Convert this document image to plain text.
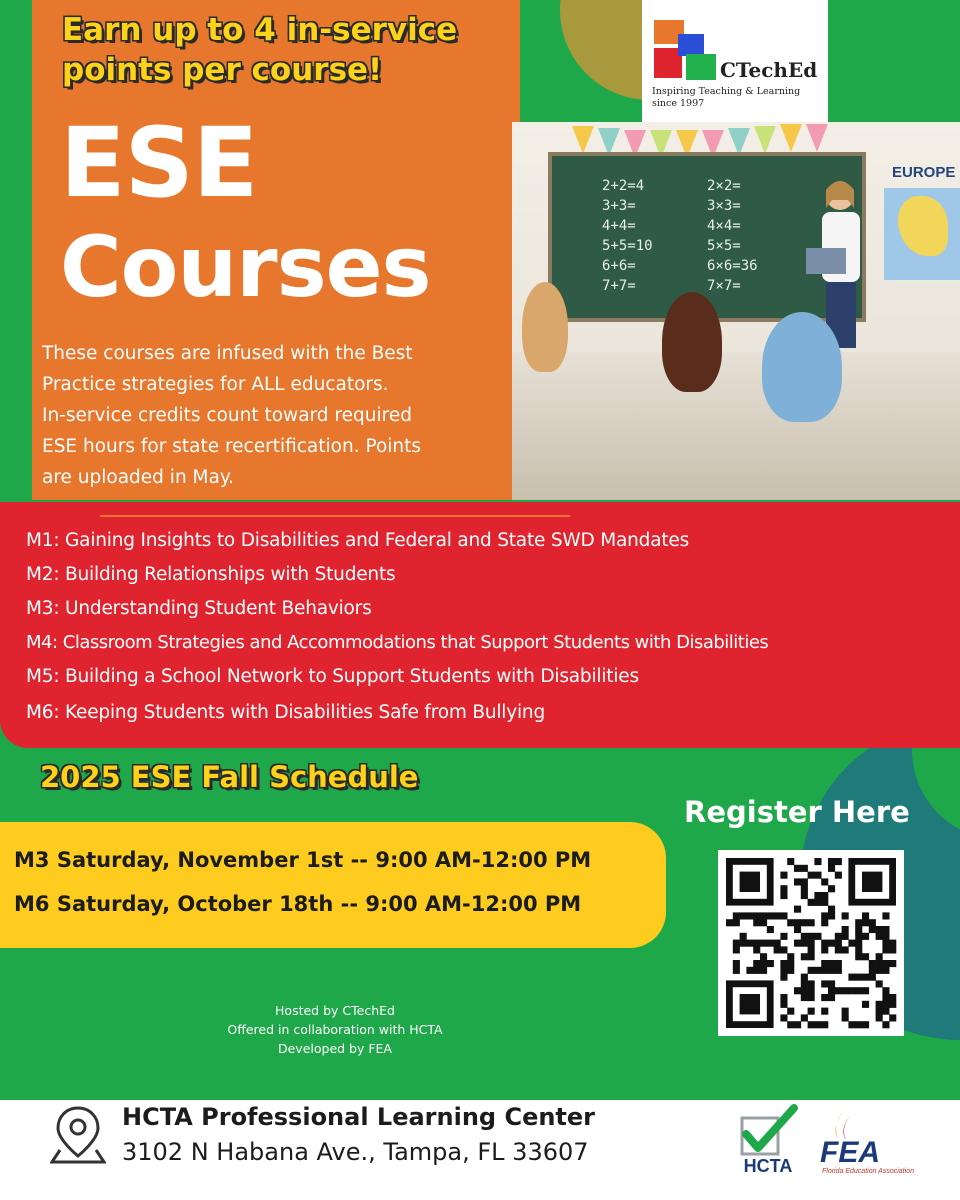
Earn up to 4 in-service
points per course!
ESE
Courses

These courses are infused with the Best
Practice strategies for ALL educators.
In-service credits count toward required
ESE hours for state recertification. Points
are uploaded in May.

2+2=4
3+3=
4+4=
5+5=10
6+6=
7+7=
2×2=
3×3=
4×4=
5×5=
6×6=36
7×7=
EUROPE
CTechEd
Inspiring Teaching & Learning
since 1997

M1: Gaining Insights to Disabilities and Federal and State SWD Mandates

M2: Building Relationships with Students

M3: Understanding Student Behaviors

M4: Classroom Strategies and Accommodations that Support Students with Disabilities

M5: Building a School Network to Support Students with Disabilities

M6: Keeping Students with Disabilities Safe from Bullying

2025 ESE Fall Schedule

M3 Saturday, November 1st -- 9:00 AM-12:00 PM

M6 Saturday, October 18th -- 9:00 AM-12:00 PM

Register Here

Hosted by CTechEd

Offered in collaboration with HCTA

Developed by FEA

HCTA Professional Learning Center

3102 N Habana Ave., Tampa, FL 33607	HCTA FEA
Florida Education Association
